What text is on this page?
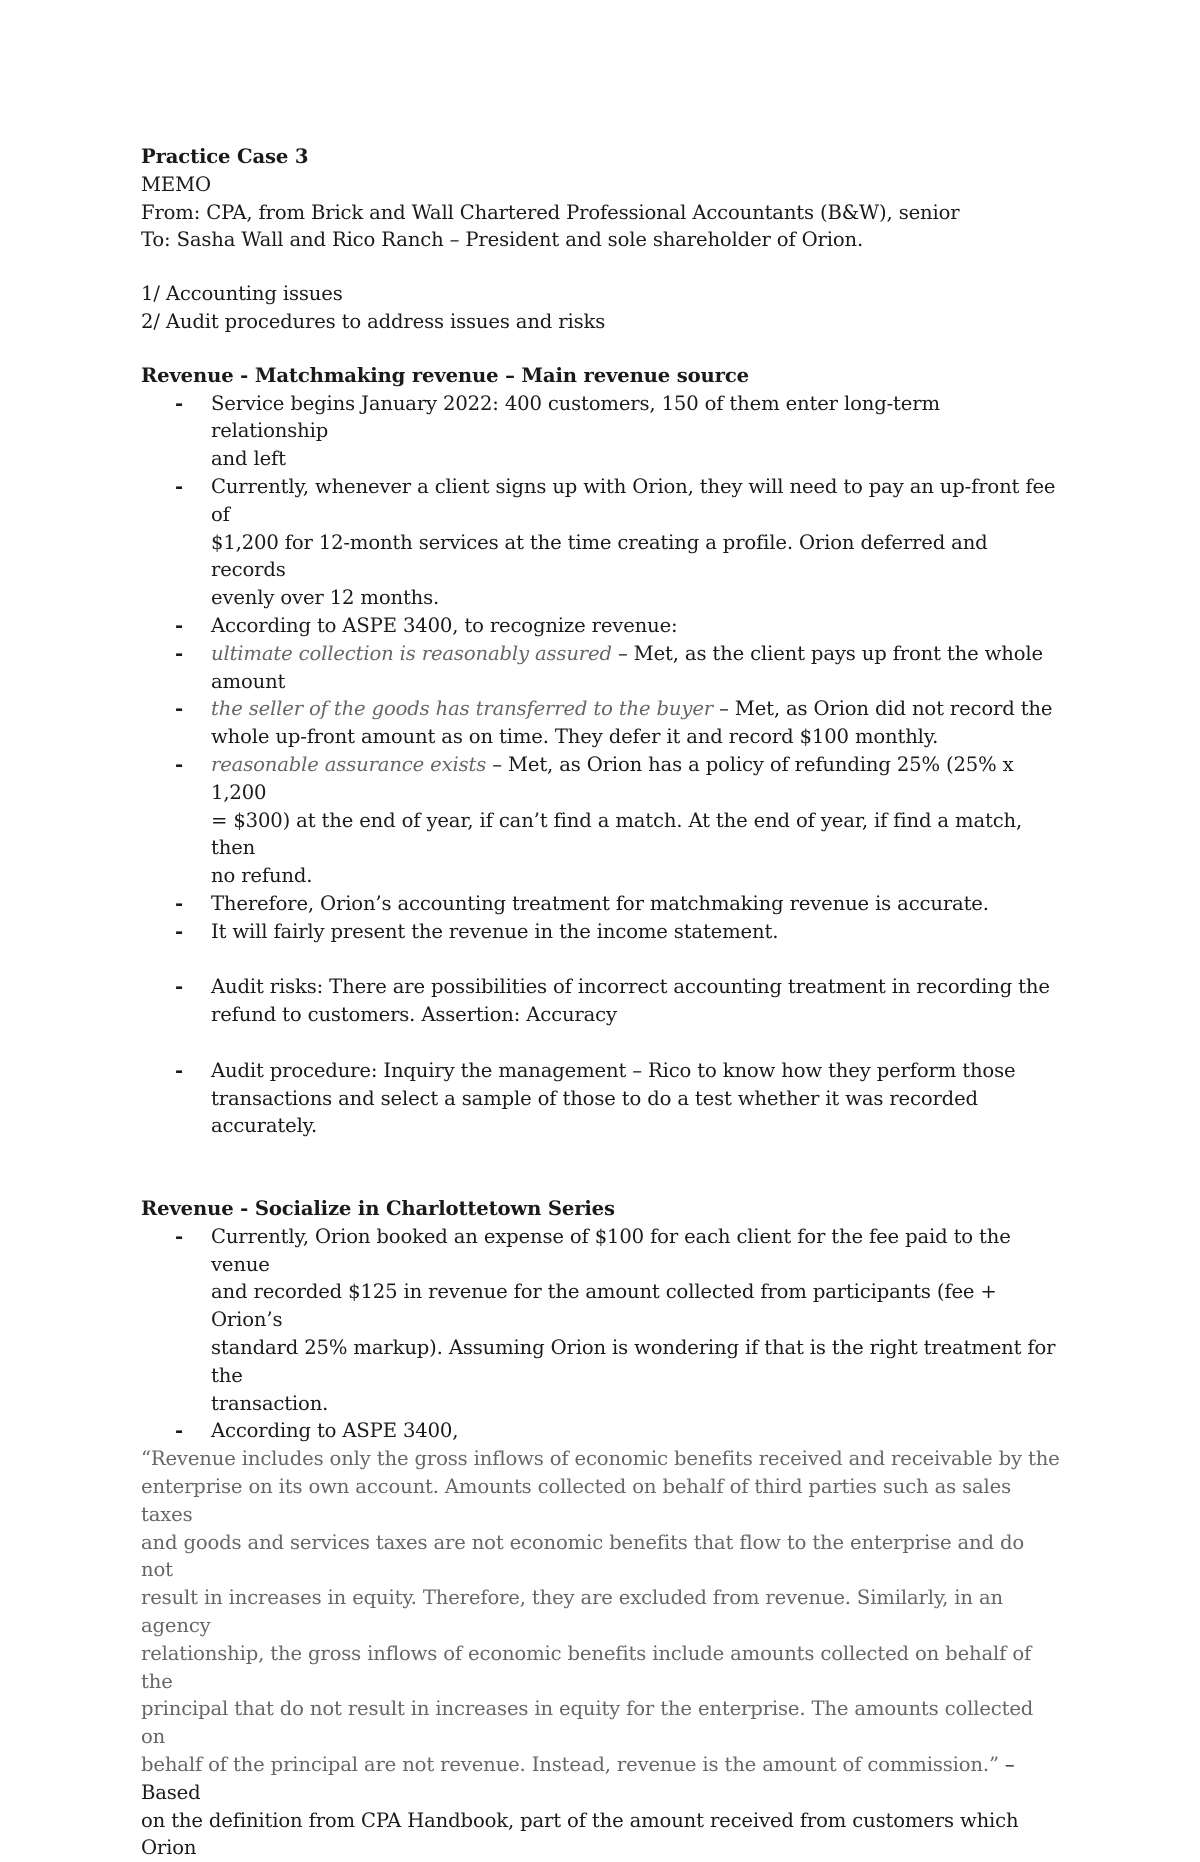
Practice Case 3

MEMO

From: CPA, from Brick and Wall Chartered Professional Accountants (B&W), senior

To: Sasha Wall and Rico Ranch – President and sole shareholder of Orion.

1/ Accounting issues

2/ Audit procedures to address issues and risks

Revenue - Matchmaking revenue – Main revenue source

- Service begins January 2022: 400 customers, 150 of them enter long-term relationship
and left
- Currently, whenever a client signs up with Orion, they will need to pay an up-front fee of
$1,200 for 12-month services at the time creating a profile. Orion deferred and records
evenly over 12 months.
- According to ASPE 3400, to recognize revenue:
- ultimate collection is reasonably assured – Met, as the client pays up front the whole
amount
- the seller of the goods has transferred to the buyer – Met, as Orion did not record the
whole up-front amount as on time. They defer it and record $100 monthly.
- reasonable assurance exists – Met, as Orion has a policy of refunding 25% (25% x 1,200
= $300) at the end of year, if can’t find a match. At the end of year, if find a match, then
no refund.
- Therefore, Orion’s accounting treatment for matchmaking revenue is accurate.
- It will fairly present the revenue in the income statement.
- Audit risks: There are possibilities of incorrect accounting treatment in recording the
refund to customers. Assertion: Accuracy
- Audit procedure: Inquiry the management – Rico to know how they perform those
transactions and select a sample of those to do a test whether it was recorded accurately.

Revenue - Socialize in Charlottetown Series

- Currently, Orion booked an expense of $100 for each client for the fee paid to the venue
and recorded $125 in revenue for the amount collected from participants (fee + Orion’s
standard 25% markup). Assuming Orion is wondering if that is the right treatment for the
transaction.
- According to ASPE 3400,

“Revenue includes only the gross inflows of economic benefits received and receivable by the
enterprise on its own account. Amounts collected on behalf of third parties such as sales taxes
and goods and services taxes are not economic benefits that flow to the enterprise and do not
result in increases in equity. Therefore, they are excluded from revenue. Similarly, in an agency
relationship, the gross inflows of economic benefits include amounts collected on behalf of the
principal that do not result in increases in equity for the enterprise. The amounts collected on
behalf of the principal are not revenue. Instead, revenue is the amount of commission.” – Based
on the definition from CPA Handbook, part of the amount received from customers which Orion
